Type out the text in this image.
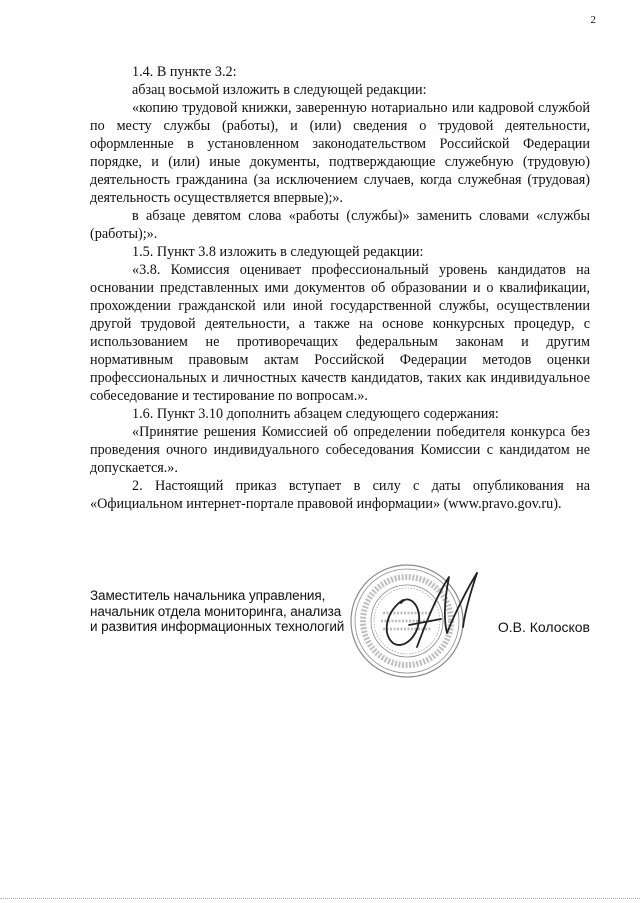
2

1.4. В пункте 3.2:

абзац восьмой изложить в следующей редакции:

«копию трудовой книжки, заверенную нотариально или кадровой службой по месту службы (работы), и (или) сведения о трудовой деятельности, оформленные в установленном законодательством Российской Федерации порядке, и (или) иные документы, подтверждающие служебную (трудовую) деятельность гражданина (за исключением случаев, когда служебная (трудовая) деятельность осуществляется впервые);».

в абзаце девятом слова «работы (службы)» заменить словами «службы (работы);».

1.5. Пункт 3.8 изложить в следующей редакции:

«3.8. Комиссия оценивает профессиональный уровень кандидатов на основании представленных ими документов об образовании и о квалификации, прохождении гражданской или иной государственной службы, осуществлении другой трудовой деятельности, а также на основе конкурсных процедур, с использованием не противоречащих федеральным законам и другим нормативным правовым актам Российской Федерации методов оценки профессиональных и личностных качеств кандидатов, таких как индивидуальное собеседование и тестирование по вопросам.».

1.6. Пункт 3.10 дополнить абзацем следующего содержания:

«Принятие решения Комиссией об определении победителя конкурса без проведения очного индивидуального собеседования Комиссии с кандидатом не допускается.».

2. Настоящий приказ вступает в силу с даты опубликования на «Официальном интернет-портале правовой информации» (www.pravo.gov.ru).

Заместитель начальника управления,
начальник отдела мониторинга, анализа
и развития информационных технологий	О.В. Колосков
